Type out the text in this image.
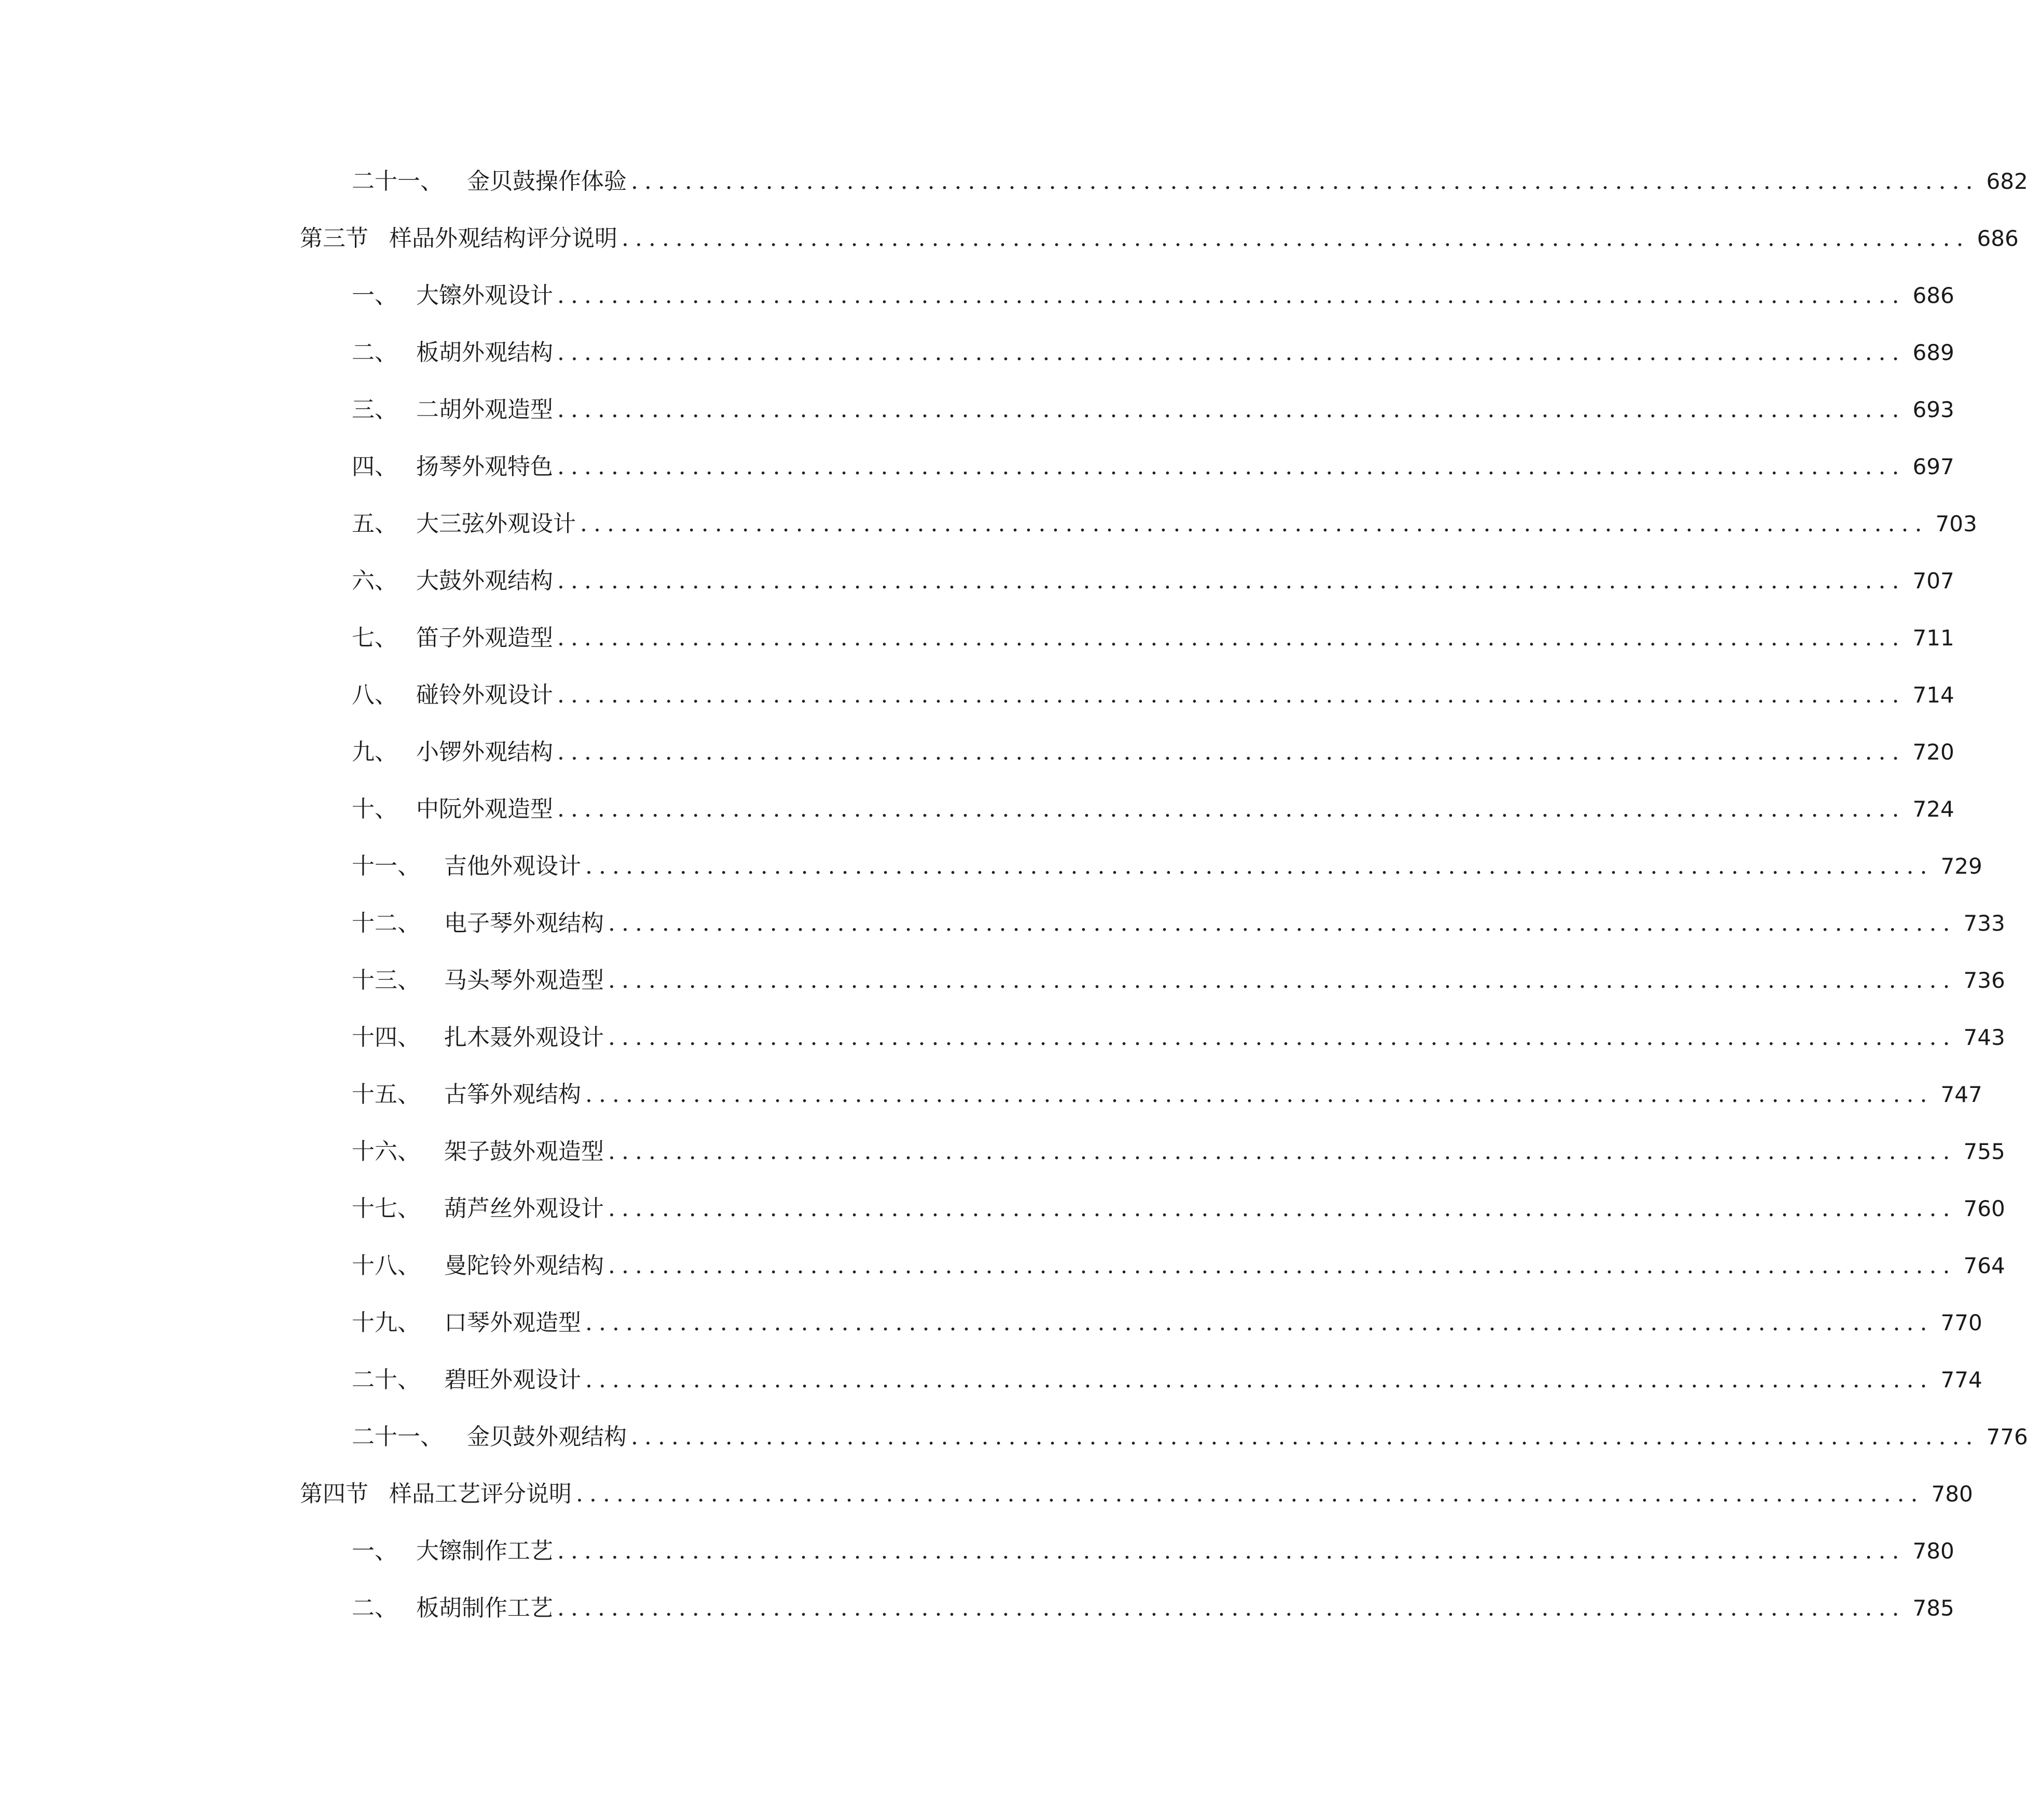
二十一、	金贝鼓操作体验 .................................................................................................... 682
第三节 样品外观结构评分说明 .................................................................................................... 686
一、 大镲外观设计 .................................................................................................... 686
二、 板胡外观结构 .................................................................................................... 689
三、 二胡外观造型 .................................................................................................... 693
四、 扬琴外观特色 .................................................................................................... 697
五、 大三弦外观设计 .................................................................................................... 703
六、 大鼓外观结构 .................................................................................................... 707
七、 笛子外观造型 .................................................................................................... 711
八、 碰铃外观设计 .................................................................................................... 714
九、 小锣外观结构 .................................................................................................... 720
十、 中阮外观造型 .................................................................................................... 724
十一、	吉他外观设计 .................................................................................................... 729
十二、	电子琴外观结构 .................................................................................................... 733
十三、	马头琴外观造型 .................................................................................................... 736
十四、	扎木聂外观设计 .................................................................................................... 743
十五、	古筝外观结构 .................................................................................................... 747
十六、	架子鼓外观造型 .................................................................................................... 755
十七、	葫芦丝外观设计 .................................................................................................... 760
十八、	曼陀铃外观结构 .................................................................................................... 764
十九、	口琴外观造型 .................................................................................................... 770
二十、	碧旺外观设计 .................................................................................................... 774
二十一、	金贝鼓外观结构 .................................................................................................... 776
第四节 样品工艺评分说明 .................................................................................................... 780
一、 大镲制作工艺 .................................................................................................... 780
二、 板胡制作工艺 .................................................................................................... 785
